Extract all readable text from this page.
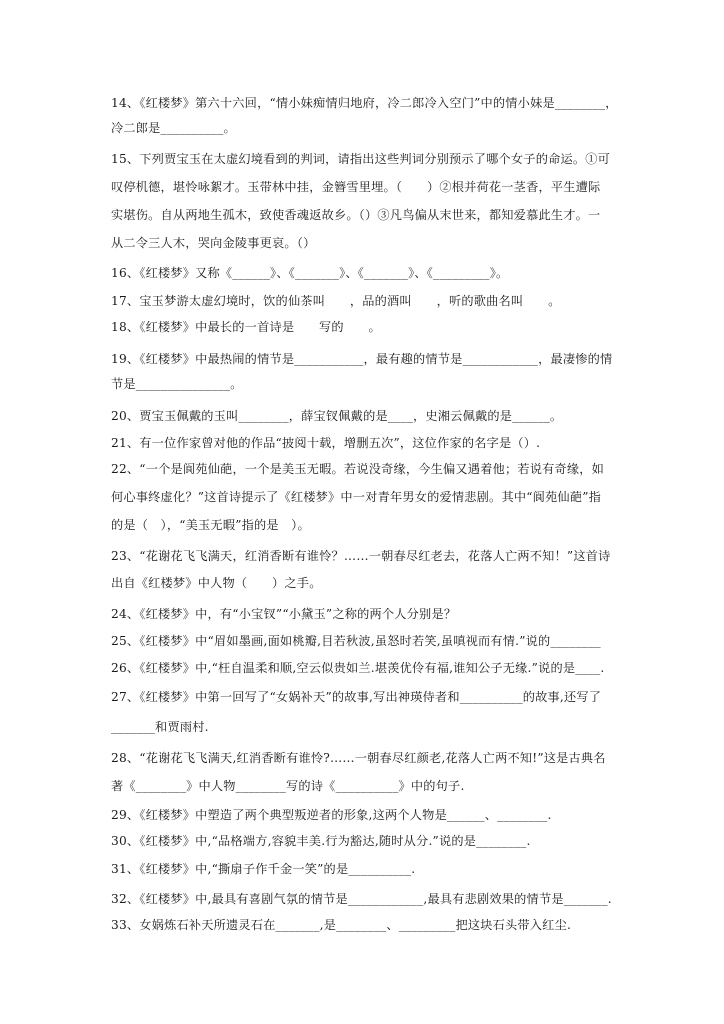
14、《红楼梦》第六十六回，“情小妹痴情归地府，冷二郎冷入空门”中的情小妹是________，
冷二郎是__________。
15、下列贾宝玉在太虚幻境看到的判词，请指出这些判词分别预示了哪个女子的命运。①可
叹停机德，堪怜咏絮才。玉带林中挂，金簪雪里埋。（　　）②根并荷花一茎香，平生遭际
实堪伤。自从两地生孤木，致使香魂返故乡。（）③凡鸟偏从末世来，都知爱慕此生才。一
从二令三人木，哭向金陵事更哀。（）
16、《红楼梦》又称《______》、《_______》、《_______》、《_________》。
17、宝玉梦游太虚幻境时，饮的仙茶叫　　，品的酒叫　　，听的歌曲名叫　　。
18、《红楼梦》中最长的一首诗是　　写的　　。
19、《红楼梦》中最热闹的情节是___________，最有趣的情节是____________，最凄惨的情
节是_______________。
20、贾宝玉佩戴的玉叫________，薛宝钗佩戴的是____，史湘云佩戴的是______。
21、有一位作家曾对他的作品“披阅十载，增删五次”，这位作家的名字是（）.
22、“一个是阆苑仙葩，一个是美玉无暇。若说没奇缘，今生偏又遇着他；若说有奇缘，如
何心事终虚化？”这首诗提示了《红楼梦》中一对青年男女的爱情悲剧。其中“阆苑仙葩”指
的是（　），“美玉无暇”指的是　）。
23、“花谢花飞飞满天，红消香断有谁怜？……一朝春尽红老去，花落人亡两不知！”这首诗
出自《红楼梦》中人物（　　）之手。
24、《红楼梦》中，有“小宝钗”“小黛玉”之称的两个人分别是？
25、《红楼梦》中“眉如墨画,面如桃瓣,目若秋波,虽怒时若笑,虽嗔视而有情.”说的________
26、《红楼梦》中,“枉自温柔和顺,空云似贵如兰.堪羡优伶有福,谁知公子无缘.”说的是____.
27、《红楼梦》中第一回写了“女娲补天”的故事,写出神瑛侍者和__________的故事,还写了
_______和贾雨村.
28、“花谢花飞飞满天,红消香断有谁怜?……一朝春尽红颜老,花落人亡两不知!”这是古典名
著《________》中人物________写的诗《__________》中的句子.
29、《红楼梦》中塑造了两个典型叛逆者的形象,这两个人物是______、________.
30、《红楼梦》中,“品格端方,容貌丰美.行为豁达,随时从分.”说的是________.
31、《红楼梦》中,“撕扇子作千金一笑”的是__________.
32、《红楼梦》中,最具有喜剧气氛的情节是____________,最具有悲剧效果的情节是_______.
33、女娲炼石补天所遗灵石在_______,是________、_________把这块石头带入红尘.
